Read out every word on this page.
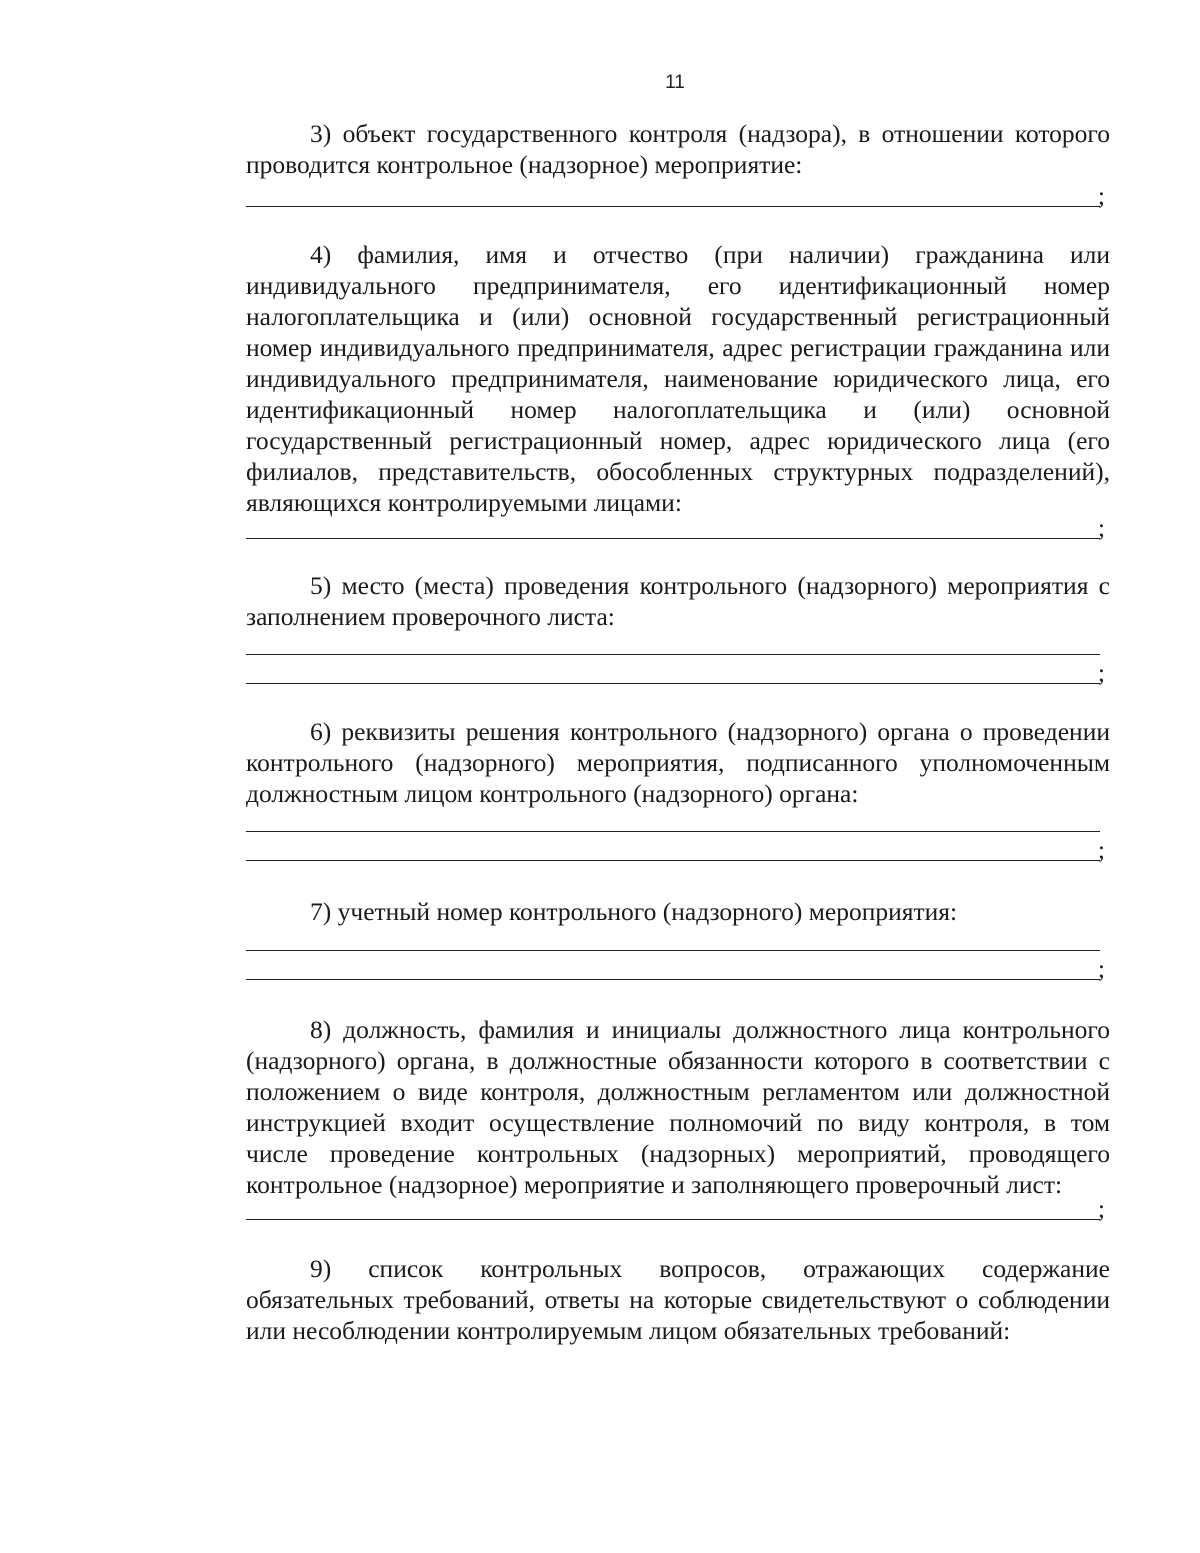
11

3) объект государственного контроля (надзора), в отношении которого проводится контрольное (надзорное) мероприятие:

;

4) фамилия, имя и отчество (при наличии) гражданина или индивидуального предпринимателя, его идентификационный номер налогоплательщика и (или) основной государственный регистрационный номер индивидуального предпринимателя, адрес регистрации гражданина или индивидуального предпринимателя, наименование юридического лица, его идентификационный номер налогоплательщика и (или) основной государственный регистрационный номер, адрес юридического лица (его филиалов, представительств, обособленных структурных подразделений), являющихся контролируемыми лицами:

;

5) место (места) проведения контрольного (надзорного) мероприятия с заполнением проверочного листа:

;

6) реквизиты решения контрольного (надзорного) органа о проведении контрольного (надзорного) мероприятия, подписанного уполномоченным должностным лицом контрольного (надзорного) органа:

;

7) учетный номер контрольного (надзорного) мероприятия:

;

8) должность, фамилия и инициалы должностного лица контрольного (надзорного) органа, в должностные обязанности которого в соответствии с положением о виде контроля, должностным регламентом или должностной инструкцией входит осуществление полномочий по виду контроля, в том числе проведение контрольных (надзорных) мероприятий, проводящего контрольное (надзорное) мероприятие и заполняющего проверочный лист:

;

9) список контрольных вопросов, отражающих содержание обязательных требований, ответы на которые свидетельствуют о соблюдении или несоблюдении контролируемым лицом обязательных требований:
